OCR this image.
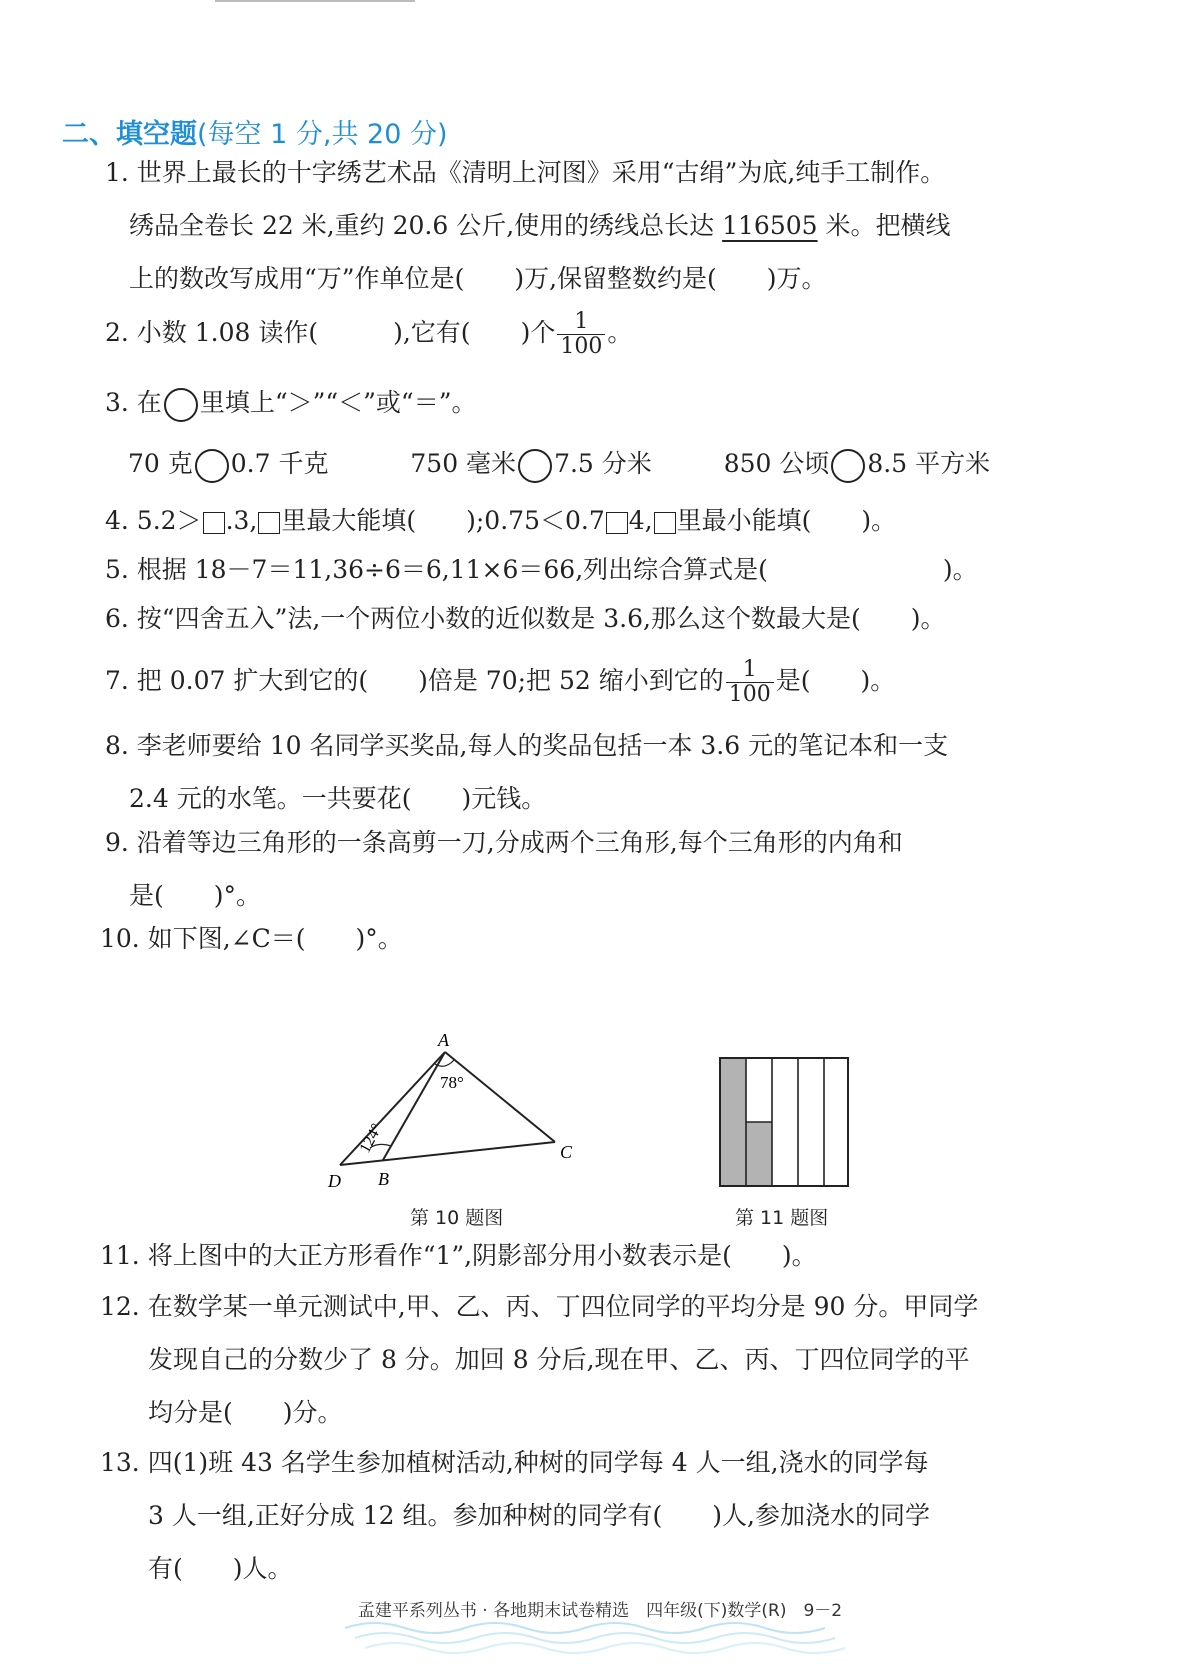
二、填空题(每空 1 分,共 20 分)
1. 世界上最长的十字绣艺术品《清明上河图》采用“古绢”为底,纯手工制作。
绣品全卷长 22 米,重约 20.6 公斤,使用的绣线总长达 116505 米。把横线
上的数改写成用“万”作单位是(　　)万,保留整数约是(　　)万。
2. 小数 1.08 读作(　　　),它有(　　)个 $\frac{1}{100}$ 。
3. 在 里填上“＞”“＜”或“＝”。
70 克 0.7 千克	750 毫米 7.5 分米	850 公顷 8.5 平方米
4. 5.2＞ .3, 里最大能填(　　);0.75＜0.7 4, 里最小能填(　　)。
5. 根据 18－7＝11,36÷6＝6,11×6＝66,列出综合算式是(　　　　　　　)。
6. 按“四舍五入”法,一个两位小数的近似数是 3.6,那么这个数最大是(　　)。
7. 把 0.07 扩大到它的(　　)倍是 70;把 52 缩小到它的 $\frac{1}{100}$ 是(　　)。
8. 李老师要给 10 名同学买奖品,每人的奖品包括一本 3.6 元的笔记本和一支
2.4 元的水笔。一共要花(　　)元钱。
9. 沿着等边三角形的一条高剪一刀,分成两个三角形,每个三角形的内角和
是(　　)°。
10. 如下图,∠C＝(　　)°。
A
B
C
D
78°
124°
第 10 题图	第 11 题图
11. 将上图中的大正方形看作“1”,阴影部分用小数表示是(　　)。
12. 在数学某一单元测试中,甲、乙、丙、丁四位同学的平均分是 90 分。甲同学
发现自己的分数少了 8 分。加回 8 分后,现在甲、乙、丙、丁四位同学的平
均分是(　　)分。
13. 四(1)班 43 名学生参加植树活动,种树的同学每 4 人一组,浇水的同学每
3 人一组,正好分成 12 组。参加种树的同学有(　　)人,参加浇水的同学
有(　　)人。
孟建平系列丛书 · 各地期末试卷精选　四年级(下)数学(R)　9－2
